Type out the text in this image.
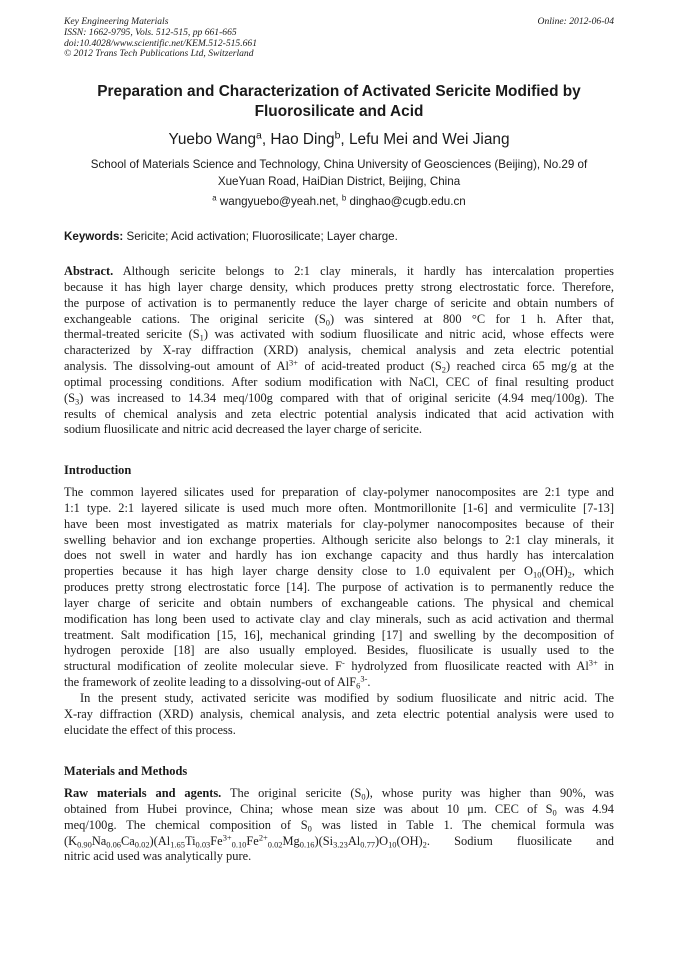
Key Engineering Materials
ISSN: 1662-9795, Vols. 512-515, pp 661-665
doi:10.4028/www.scientific.net/KEM.512-515.661
© 2012 Trans Tech Publications Ltd, Switzerland
Online: 2012-06-04
Preparation and Characterization of Activated Sericite Modified by
Fluorosilicate and Acid
Yuebo Wang$^a$, Hao Ding$^b$, Lefu Mei and Wei Jiang
School of Materials Science and Technology, China University of Geosciences (Beijing), No.29 of
XueYuan Road, HaiDian District, Beijing, China
$^a$ wangyuebo@yeah.net, $^b$ dinghao@cugb.edu.cn
Keywords: Sericite; Acid activation; Fluorosilicate; Layer charge.
Abstract. Although sericite belongs to 2:1 clay minerals, it hardly has intercalation properties
because it has high layer charge density, which produces pretty strong electrostatic force. Therefore,
the purpose of activation is to permanently reduce the layer charge of sericite and obtain numbers of
exchangeable cations. The original sericite $(S_0)$ was sintered at 800 °C for 1 h. After that,
thermal-treated sericite $(S_1)$ was activated with sodium fluosilicate and nitric acid, whose effects were
characterized by X-ray diffraction (XRD) analysis, chemical analysis and zeta electric potential
analysis. The dissolving-out amount of $Al^{3+}$ of acid-treated product $(S_2)$ reached circa 65 mg/g at the
optimal processing conditions. After sodium modification with NaCl, CEC of final resulting product
$(S_3)$ was increased to 14.34 meq/100g compared with that of original sericite (4.94 meq/100g). The
results of chemical analysis and zeta electric potential analysis indicated that acid activation with
sodium fluosilicate and nitric acid decreased the layer charge of sericite.
Introduction
The common layered silicates used for preparation of clay-polymer nanocomposites are 2:1 type and
1:1 type. 2:1 layered silicate is used much more often. Montmorillonite [1-6] and vermiculite [7-13]
have been most investigated as matrix materials for clay-polymer nanocomposites because of their
swelling behavior and ion exchange properties. Although sericite also belongs to 2:1 clay minerals, it
does not swell in water and hardly has ion exchange capacity and thus hardly has intercalation
properties because it has high layer charge density close to 1.0 equivalent per $O_{10}(OH)_2$, which
produces pretty strong electrostatic force [14]. The purpose of activation is to permanently reduce the
layer charge of sericite and obtain numbers of exchangeable cations. The physical and chemical
modification has long been used to activate clay and clay minerals, such as acid activation and thermal
treatment. Salt modification [15, 16], mechanical grinding [17] and swelling by the decomposition of
hydrogen peroxide [18] are also usually employed. Besides, fluosilicate is usually used to the
structural modification of zeolite molecular sieve. F- hydrolyzed from fluosilicate reacted with $Al^{3+}$ in
the framework of zeolite leading to a dissolving-out of AlF$_6^{3-}$.
In the present study, activated sericite was modified by sodium fluosilicate and nitric acid. The
X-ray diffraction (XRD) analysis, chemical analysis, and zeta electric potential analysis were used to
elucidate the effect of this process.
Materials and Methods
Raw materials and agents. The original sericite $(S_0)$, whose purity was higher than 90%, was
obtained from Hubei province, China; whose mean size was about 10 μm. CEC of $S_0$ was 4.94
meq/100g. The chemical composition of $S_0$ was listed in Table 1. The chemical formula was
$(K_{0.90}Na_{0.06}Ca_{0.02})(Al_{1.65}Ti_{0.03}Fe^{3+}_{0.10}Fe^{2+}_{0.02}Mg_{0.16})(Si_{3.23}Al_{0.77})O_{10}(OH)_2$. Sodium fluosilicate and
nitric acid used was analytically pure.
